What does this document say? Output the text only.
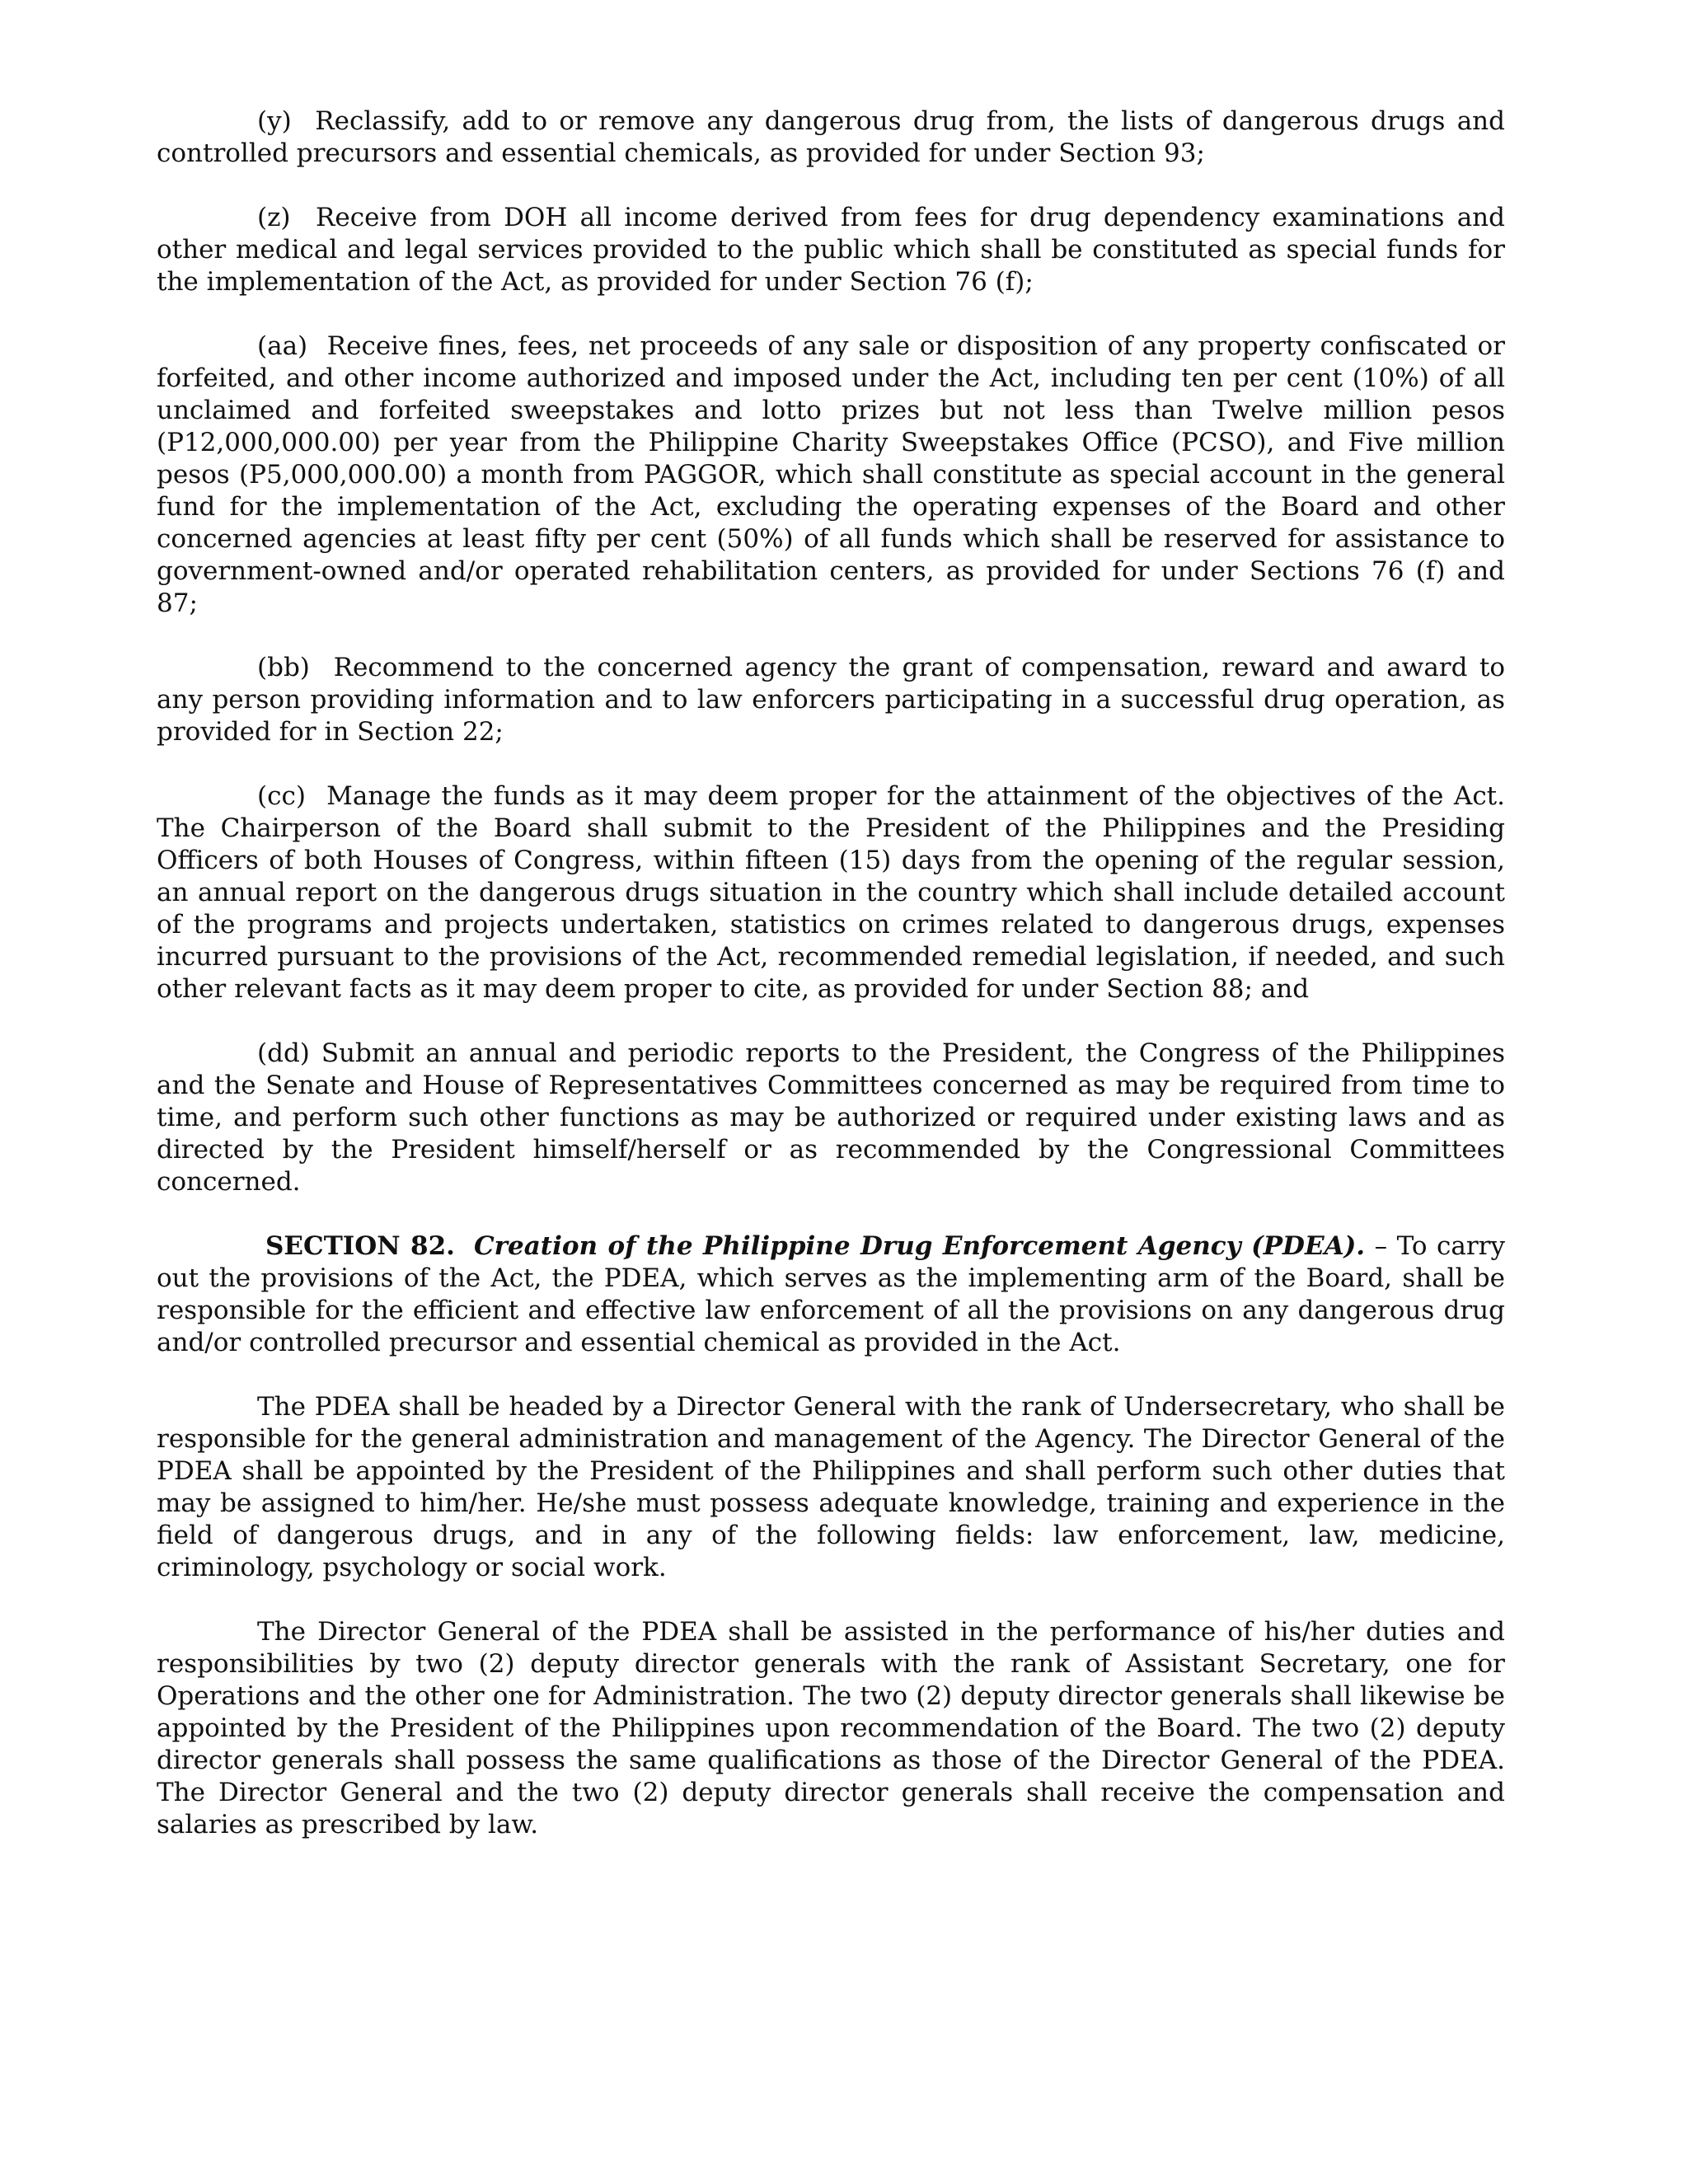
(y) Reclassify, add to or remove any dangerous drug from, the lists of dangerous drugs and controlled precursors and essential chemicals, as provided for under Section 93;

(z) Receive from DOH all income derived from fees for drug dependency examinations and other medical and legal services provided to the public which shall be constituted as special funds for the implementation of the Act, as provided for under Section 76 (f);

(aa) Receive fines, fees, net proceeds of any sale or disposition of any property confiscated or forfeited, and other income authorized and imposed under the Act, including ten per cent (10%) of all unclaimed and forfeited sweepstakes and lotto prizes but not less than Twelve million pesos (P12,000,000.00) per year from the Philippine Charity Sweepstakes Office (PCSO), and Five million pesos (P5,000,000.00) a month from PAGGOR, which shall constitute as special account in the general fund for the implementation of the Act, excluding the operating expenses of the Board and other concerned agencies at least fifty per cent (50%) of all funds which shall be reserved for assistance to government-owned and/or operated rehabilitation centers, as provided for under Sections 76 (f) and 87;

(bb) Recommend to the concerned agency the grant of compensation, reward and award to any person providing information and to law enforcers participating in a successful drug operation, as provided for in Section 22;

(cc) Manage the funds as it may deem proper for the attainment of the objectives of the Act. The Chairperson of the Board shall submit to the President of the Philippines and the Presiding Officers of both Houses of Congress, within fifteen (15) days from the opening of the regular session, an annual report on the dangerous drugs situation in the country which shall include detailed account of the programs and projects undertaken, statistics on crimes related to dangerous drugs, expenses incurred pursuant to the provisions of the Act, recommended remedial legislation, if needed, and such other relevant facts as it may deem proper to cite, as provided for under Section 88; and

(dd) Submit an annual and periodic reports to the President, the Congress of the Philippines and the Senate and House of Representatives Committees concerned as may be required from time to time, and perform such other functions as may be authorized or required under existing laws and as directed by the President himself/herself or as recommended by the Congressional Committees concerned.

SECTION 82. Creation of the Philippine Drug Enforcement Agency (PDEA). – To carry out the provisions of the Act, the PDEA, which serves as the implementing arm of the Board, shall be responsible for the efficient and effective law enforcement of all the provisions on any dangerous drug and/or controlled precursor and essential chemical as provided in the Act.

The PDEA shall be headed by a Director General with the rank of Undersecretary, who shall be responsible for the general administration and management of the Agency. The Director General of the PDEA shall be appointed by the President of the Philippines and shall perform such other duties that may be assigned to him/her. He/she must possess adequate knowledge, training and experience in the field of dangerous drugs, and in any of the following fields: law enforcement, law, medicine, criminology, psychology or social work.

The Director General of the PDEA shall be assisted in the performance of his/her duties and responsibilities by two (2) deputy director generals with the rank of Assistant Secretary, one for Operations and the other one for Administration. The two (2) deputy director generals shall likewise be appointed by the President of the Philippines upon recommendation of the Board. The two (2) deputy director generals shall possess the same qualifications as those of the Director General of the PDEA. The Director General and the two (2) deputy director generals shall receive the compensation and salaries as prescribed by law.
